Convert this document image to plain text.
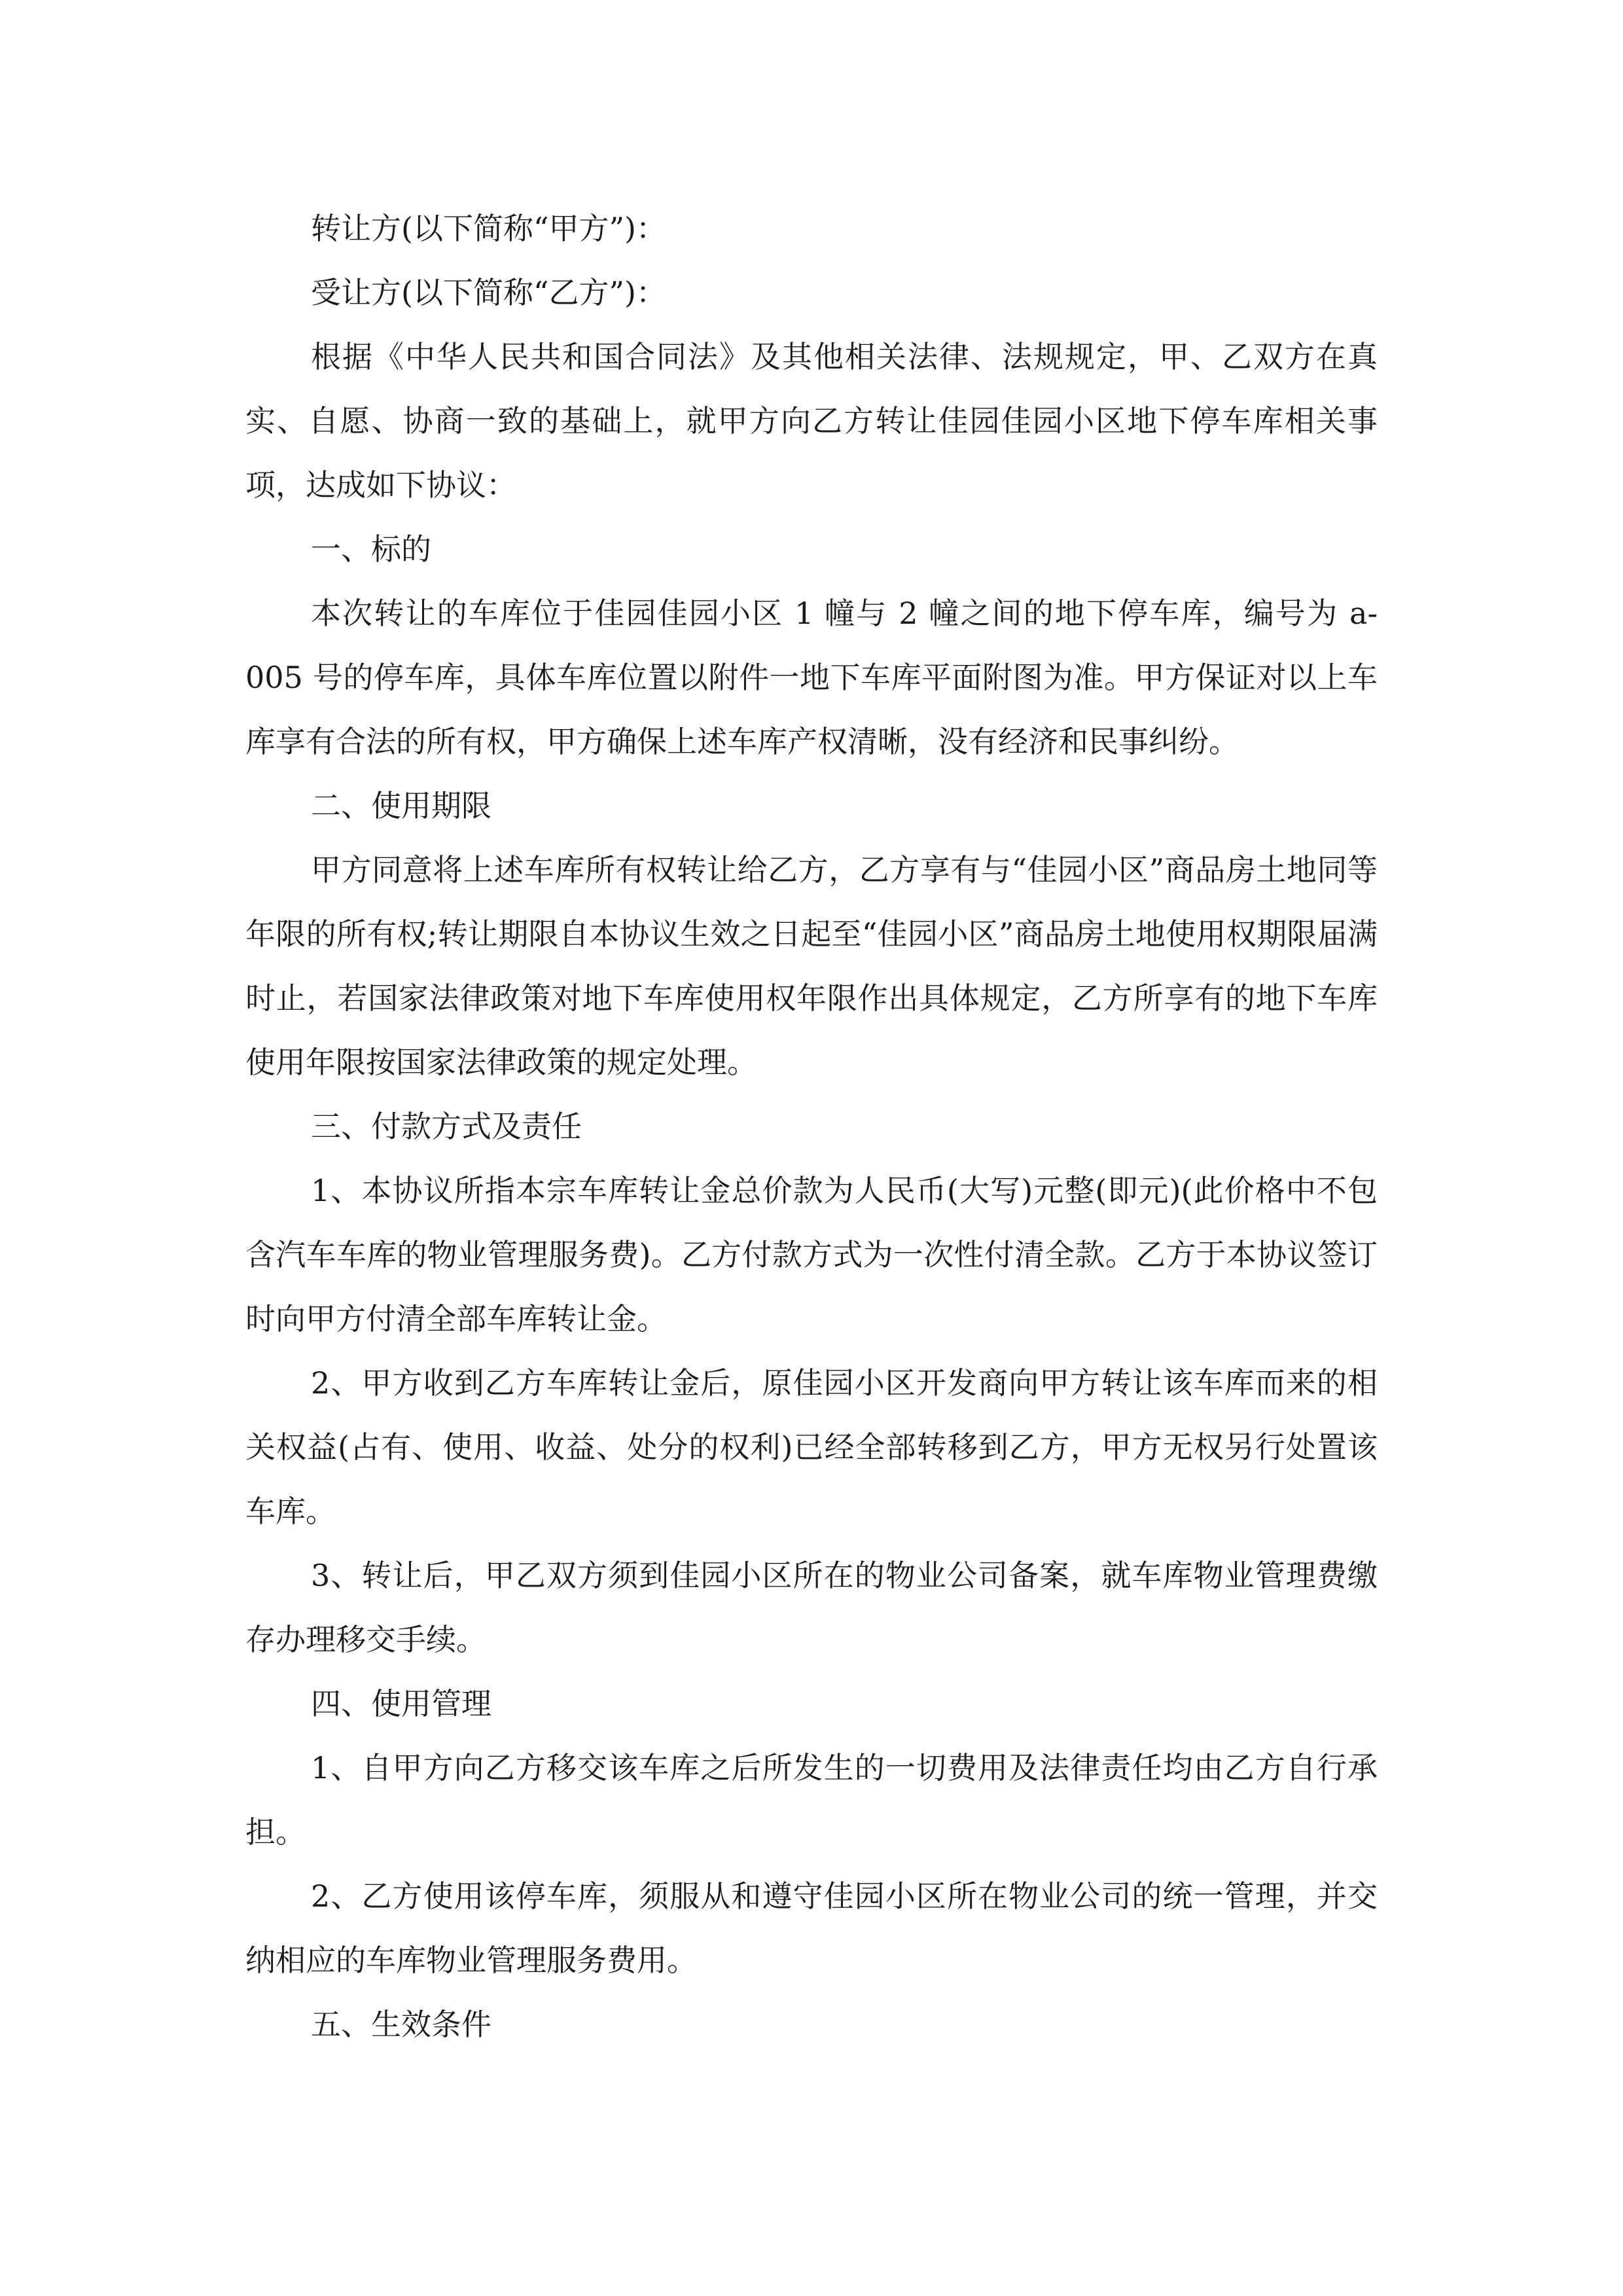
转让方(以下简称“甲方”)：

受让方(以下简称“乙方”)：

根据《中华人民共和国合同法》及其他相关法律、法规规定，甲、乙双方在真实、自愿、协商一致的基础上，就甲方向乙方转让佳园佳园小区地下停车库相关事项，达成如下协议：

一、标的

本次转让的车库位于佳园佳园小区 1 幢与 2 幢之间的地下停车库，编号为 a-005 号的停车库，具体车库位置以附件一地下车库平面附图为准。甲方保证对以上车库享有合法的所有权，甲方确保上述车库产权清晰，没有经济和民事纠纷。

二、使用期限

甲方同意将上述车库所有权转让给乙方，乙方享有与“佳园小区”商品房土地同等年限的所有权;转让期限自本协议生效之日起至“佳园小区”商品房土地使用权期限届满时止，若国家法律政策对地下车库使用权年限作出具体规定，乙方所享有的地下车库使用年限按国家法律政策的规定处理。

三、付款方式及责任

1、本协议所指本宗车库转让金总价款为人民币(大写)元整(即元)(此价格中不包含汽车车库的物业管理服务费)。乙方付款方式为一次性付清全款。乙方于本协议签订时向甲方付清全部车库转让金。

2、甲方收到乙方车库转让金后，原佳园小区开发商向甲方转让该车库而来的相关权益(占有、使用、收益、处分的权利)已经全部转移到乙方，甲方无权另行处置该车库。

3、转让后，甲乙双方须到佳园小区所在的物业公司备案，就车库物业管理费缴存办理移交手续。

四、使用管理

1、自甲方向乙方移交该车库之后所发生的一切费用及法律责任均由乙方自行承担。

2、乙方使用该停车库，须服从和遵守佳园小区所在物业公司的统一管理，并交纳相应的车库物业管理服务费用。

五、生效条件
